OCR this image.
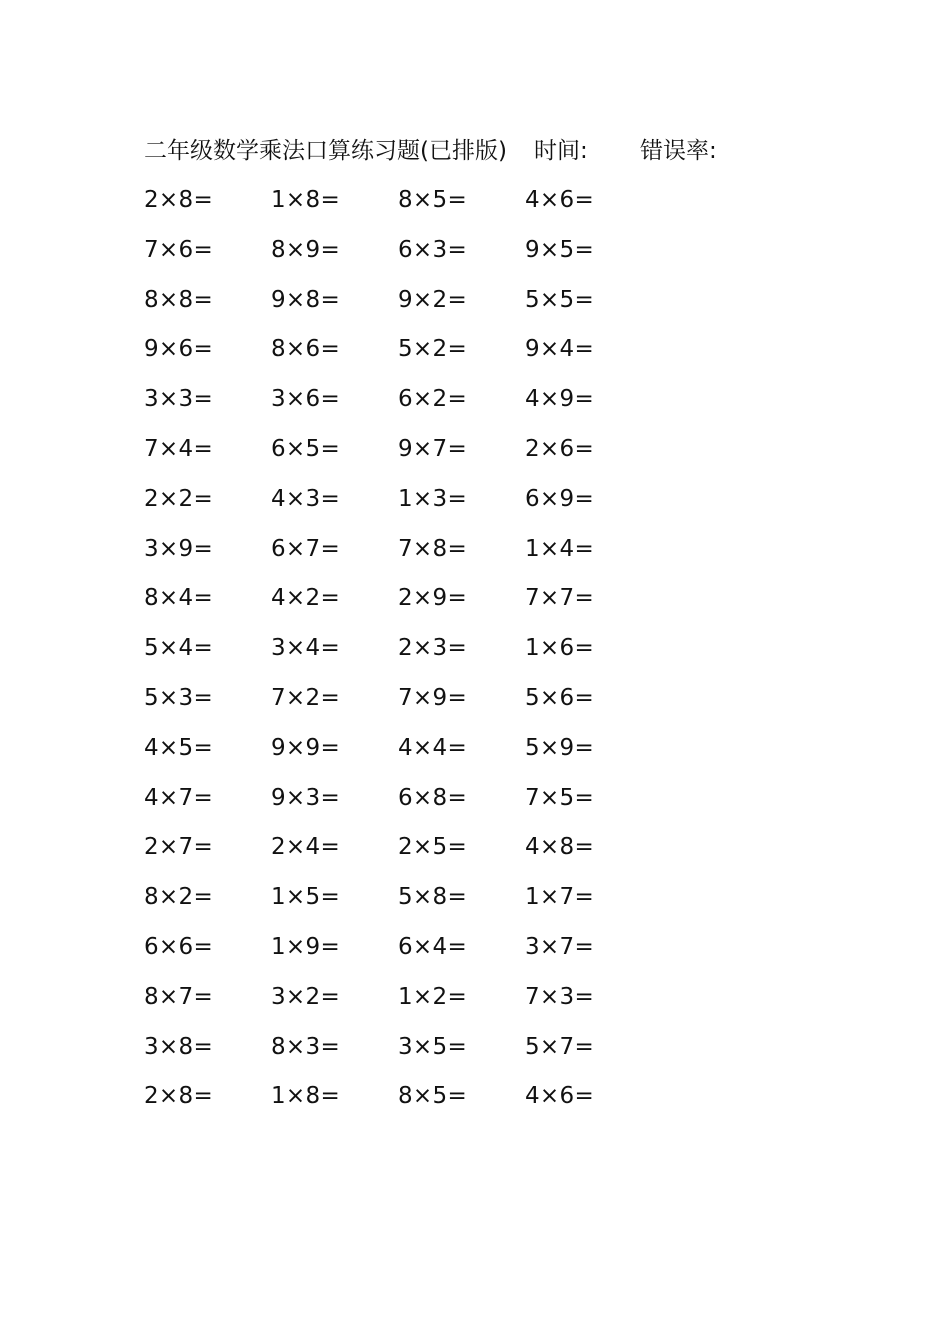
二年级数学乘法口算练习题(已排版) 时间: 错误率:
2×8=	1×8=	8×5=	4×6=
7×6=	8×9=	6×3=	9×5=
8×8=	9×8=	9×2=	5×5=
9×6=	8×6=	5×2=	9×4=
3×3=	3×6=	6×2=	4×9=
7×4=	6×5=	9×7=	2×6=
2×2=	4×3=	1×3=	6×9=
3×9=	6×7=	7×8=	1×4=
8×4=	4×2=	2×9=	7×7=
5×4=	3×4=	2×3=	1×6=
5×3=	7×2=	7×9=	5×6=
4×5=	9×9=	4×4=	5×9=
4×7=	9×3=	6×8=	7×5=
2×7=	2×4=	2×5=	4×8=
8×2=	1×5=	5×8=	1×7=
6×6=	1×9=	6×4=	3×7=
8×7=	3×2=	1×2=	7×3=
3×8=	8×3=	3×5=	5×7=
2×8=	1×8=	8×5=	4×6=
